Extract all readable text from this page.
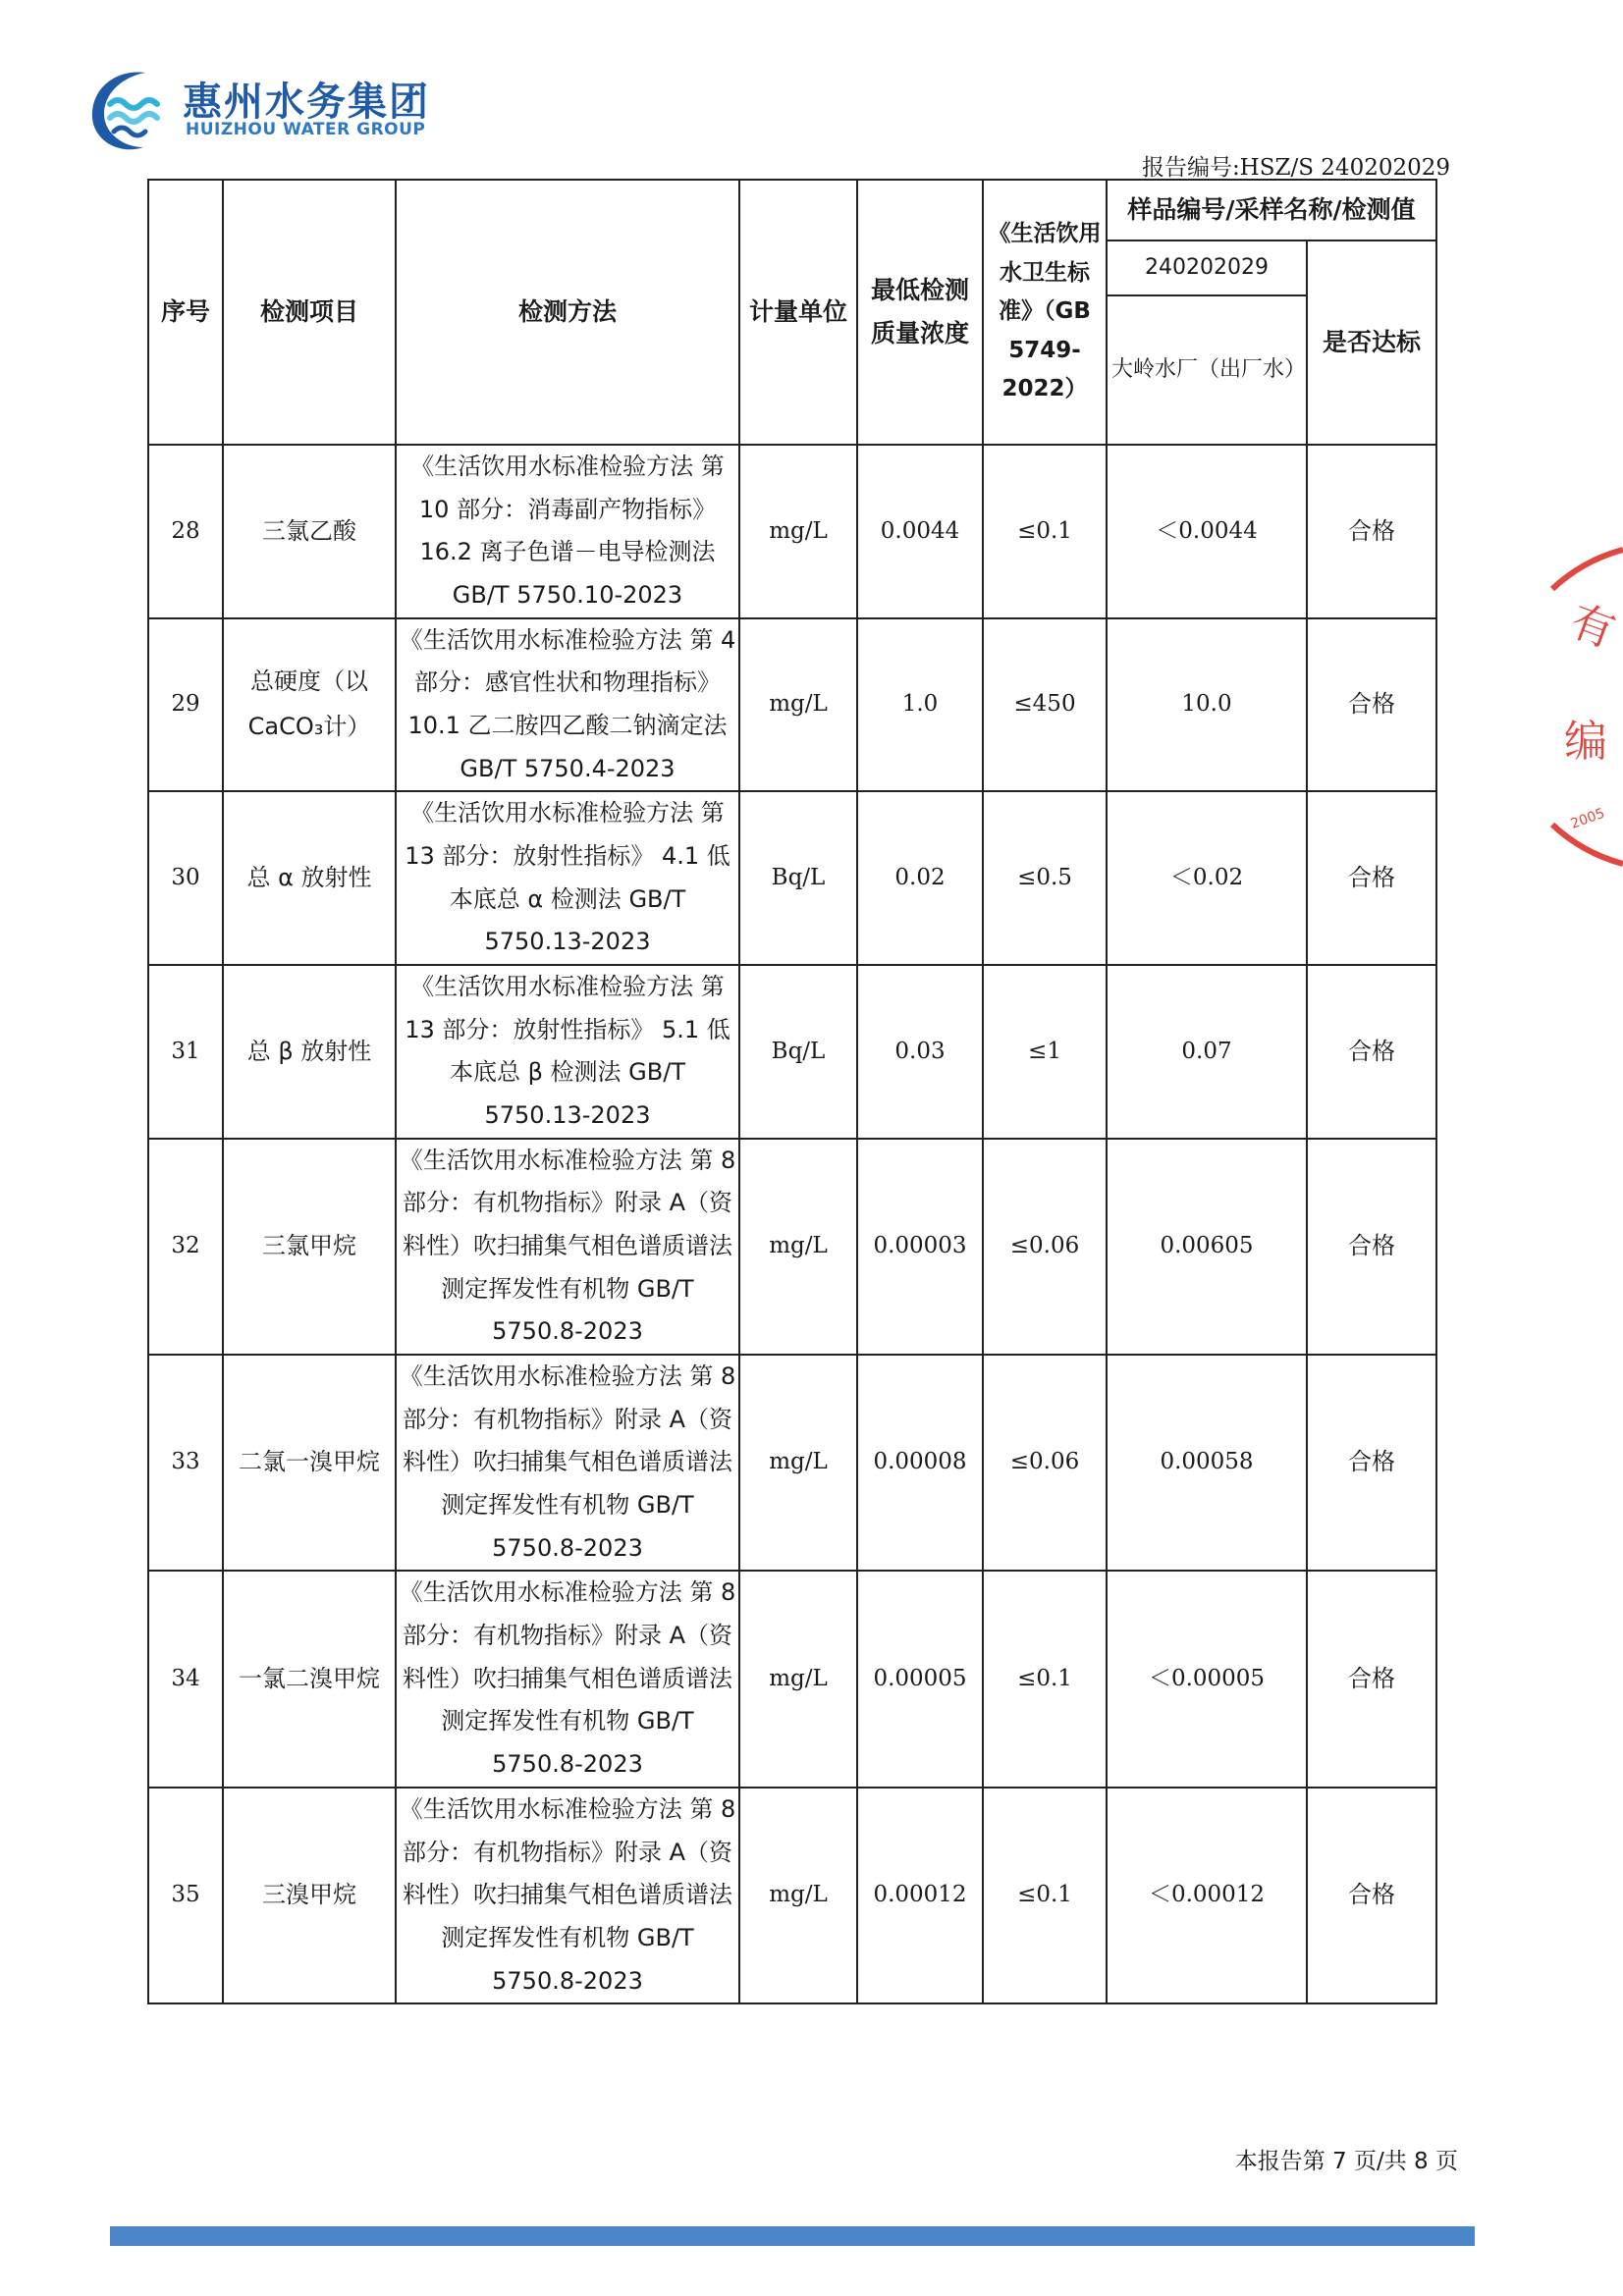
惠州水务集团
HUIZHOU WATER GROUP
报告编号:HSZ/S 240202029
序号	检测项目	检测方法	计量单位	最低检测质量浓度	《生活饮用水卫生标准》（GB 5749-2022）	样品编号/采样名称/检测值	
						240202029	是否达标
						大岭水厂（出厂水）	
28	三氯乙酸	《生活饮用水标准检验方法 第 10 部分：消毒副产物指标》 16.2 离子色谱－电导检测法 GB/T 5750.10-2023	mg/L	0.0044	≤0.1	＜0.0044	合格
29	总硬度（以CaCO₃计）	《生活饮用水标准检验方法 第 4 部分：感官性状和物理指标》10.1 乙二胺四乙酸二钠滴定法 GB/T 5750.4-2023	mg/L	1.0	≤450	10.0	合格
30	总 α 放射性	《生活饮用水标准检验方法 第 13 部分：放射性指标》 4.1 低本底总 α 检测法 GB/T 5750.13-2023	Bq/L	0.02	≤0.5	＜0.02	合格
31	总 β 放射性	《生活饮用水标准检验方法 第 13 部分：放射性指标》 5.1 低本底总 β 检测法 GB/T 5750.13-2023	Bq/L	0.03	≤1	0.07	合格
32	三氯甲烷	《生活饮用水标准检验方法 第 8 部分：有机物指标》附录 A（资料性）吹扫捕集气相色谱质谱法测定挥发性有机物 GB/T 5750.8-2023	mg/L	0.00003	≤0.06	0.00605	合格
33	二氯一溴甲烷	《生活饮用水标准检验方法 第 8 部分：有机物指标》附录 A（资料性）吹扫捕集气相色谱质谱法测定挥发性有机物 GB/T 5750.8-2023	mg/L	0.00008	≤0.06	0.00058	合格
34	一氯二溴甲烷	《生活饮用水标准检验方法 第 8 部分：有机物指标》附录 A（资料性）吹扫捕集气相色谱质谱法测定挥发性有机物 GB/T 5750.8-2023	mg/L	0.00005	≤0.1	＜0.00005	合格
35	三溴甲烷	《生活饮用水标准检验方法 第 8 部分：有机物指标》附录 A（资料性）吹扫捕集气相色谱质谱法测定挥发性有机物 GB/T 5750.8-2023	mg/L	0.00012	≤0.1	＜0.00012	合格
有
编
2005
本报告第 7 页/共 8 页
